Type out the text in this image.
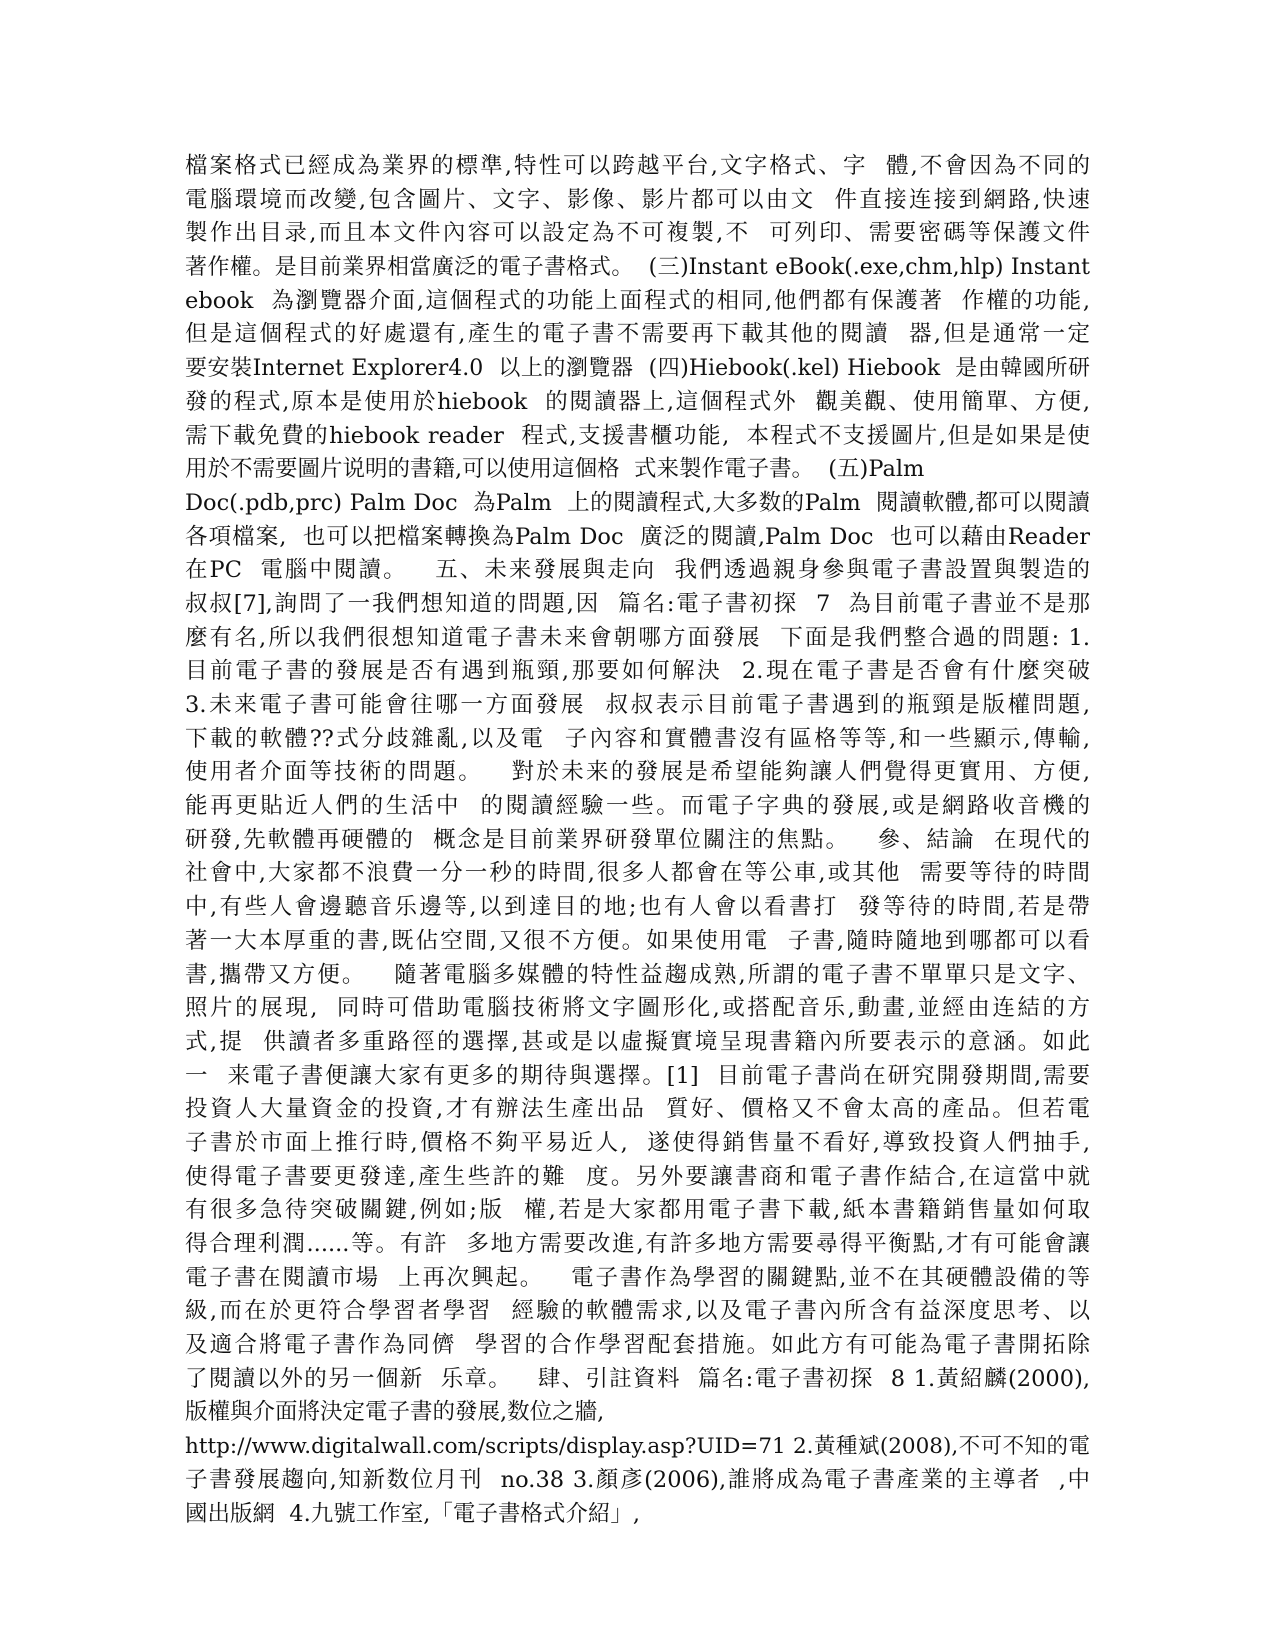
檔案格式已經成為業界的標準,特性可以跨越平台,文字格式、字  體,不會因為不同的
電腦環境而改變,包含圖片、文字、影像、影片都可以由文  件直接连接到網路,快速
製作出目录,而且本文件內容可以設定為不可複製,不  可列印、需要密碼等保護文件
著作權。是目前業界相當廣泛的電子書格式。  (三)Instant eBook(.exe,chm,hlp) Instant
ebook  為瀏覽器介面,這個程式的功能上面程式的相同,他們都有保護著  作權的功能,
但是這個程式的好處還有,產生的電子書不需要再下載其他的閱讀  器,但是通常一定
要安裝Internet Explorer4.0  以上的瀏覽器  (四)Hiebook(.kel) Hiebook  是由韓國所研
發的程式,原本是使用於hiebook  的閱讀器上,這個程式外  觀美觀、使用簡單、方便,
需下載免費的hiebook reader  程式,支援書櫃功能,  本程式不支援圖片,但是如果是使
用於不需要圖片说明的書籍,可以使用這個格  式来製作電子書。  (五)Palm
Doc(.pdb,prc) Palm Doc  為Palm  上的閱讀程式,大多数的Palm  閱讀軟體,都可以閱讀
各項檔案,  也可以把檔案轉換為Palm Doc  廣泛的閱讀,Palm Doc  也可以藉由Reader
在PC  電腦中閱讀。   五、未来發展與走向  我們透過親身參與電子書設置與製造的
叔叔[7],詢問了一我們想知道的問題,因  篇名:電子書初探  7  為目前電子書並不是那
麼有名,所以我們很想知道電子書未来會朝哪方面發展  下面是我們整合過的問題: 1.
目前電子書的發展是否有遇到瓶頸,那要如何解決  2.現在電子書是否會有什麼突破
3.未来電子書可能會往哪一方面發展  叔叔表示目前電子書遇到的瓶頸是版權問題,
下載的軟體??式分歧雜亂,以及電  子內容和實體書沒有區格等等,和一些顯示,傳輸,
使用者介面等技術的問題。   對於未来的發展是希望能夠讓人們覺得更實用、方便,
能再更貼近人們的生活中  的閱讀經驗一些。而電子字典的發展,或是網路收音機的
研發,先軟體再硬體的  概念是目前業界研發單位關注的焦點。   參、結論  在現代的
社會中,大家都不浪費一分一秒的時間,很多人都會在等公車,或其他  需要等待的時間
中,有些人會邊聽音乐邊等,以到達目的地;也有人會以看書打  發等待的時間,若是帶
著一大本厚重的書,既佔空間,又很不方便。如果使用電  子書,隨時隨地到哪都可以看
書,攜帶又方便。   隨著電腦多媒體的特性益趨成熟,所謂的電子書不單單只是文字、
照片的展現,  同時可借助電腦技術將文字圖形化,或搭配音乐,動畫,並經由连結的方
式,提  供讀者多重路徑的選擇,甚或是以虛擬實境呈現書籍內所要表示的意涵。如此
一  来電子書便讓大家有更多的期待與選擇。[1]  目前電子書尚在研究開發期間,需要
投資人大量資金的投資,才有辦法生產出品  質好、價格又不會太高的產品。但若電
子書於市面上推行時,價格不夠平易近人,  遂使得銷售量不看好,導致投資人們抽手,
使得電子書要更發達,產生些許的難  度。另外要讓書商和電子書作結合,在這當中就
有很多急待突破關鍵,例如;版  權,若是大家都用電子書下載,紙本書籍銷售量如何取
得合理利潤......等。有許  多地方需要改進,有許多地方需要尋得平衡點,才有可能會讓
電子書在閱讀市場  上再次興起。   電子書作為學習的關鍵點,並不在其硬體設備的等
級,而在於更符合學習者學習  經驗的軟體需求,以及電子書內所含有益深度思考、以
及適合將電子書作為同儕  學習的合作學習配套措施。如此方有可能為電子書開拓除
了閱讀以外的另一個新  乐章。   肆、引註資料  篇名:電子書初探  8 1.黃紹麟(2000),
版權與介面將決定電子書的發展,数位之牆,
http://www.digitalwall.com/scripts/display.asp?UID=71 2.黃種斌(2008),不可不知的電
子書發展趨向,知新数位月刊  no.38 3.顏彥(2006),誰將成為電子書產業的主導者  ,中
國出版網  4.九號工作室,「電子書格式介紹」,
